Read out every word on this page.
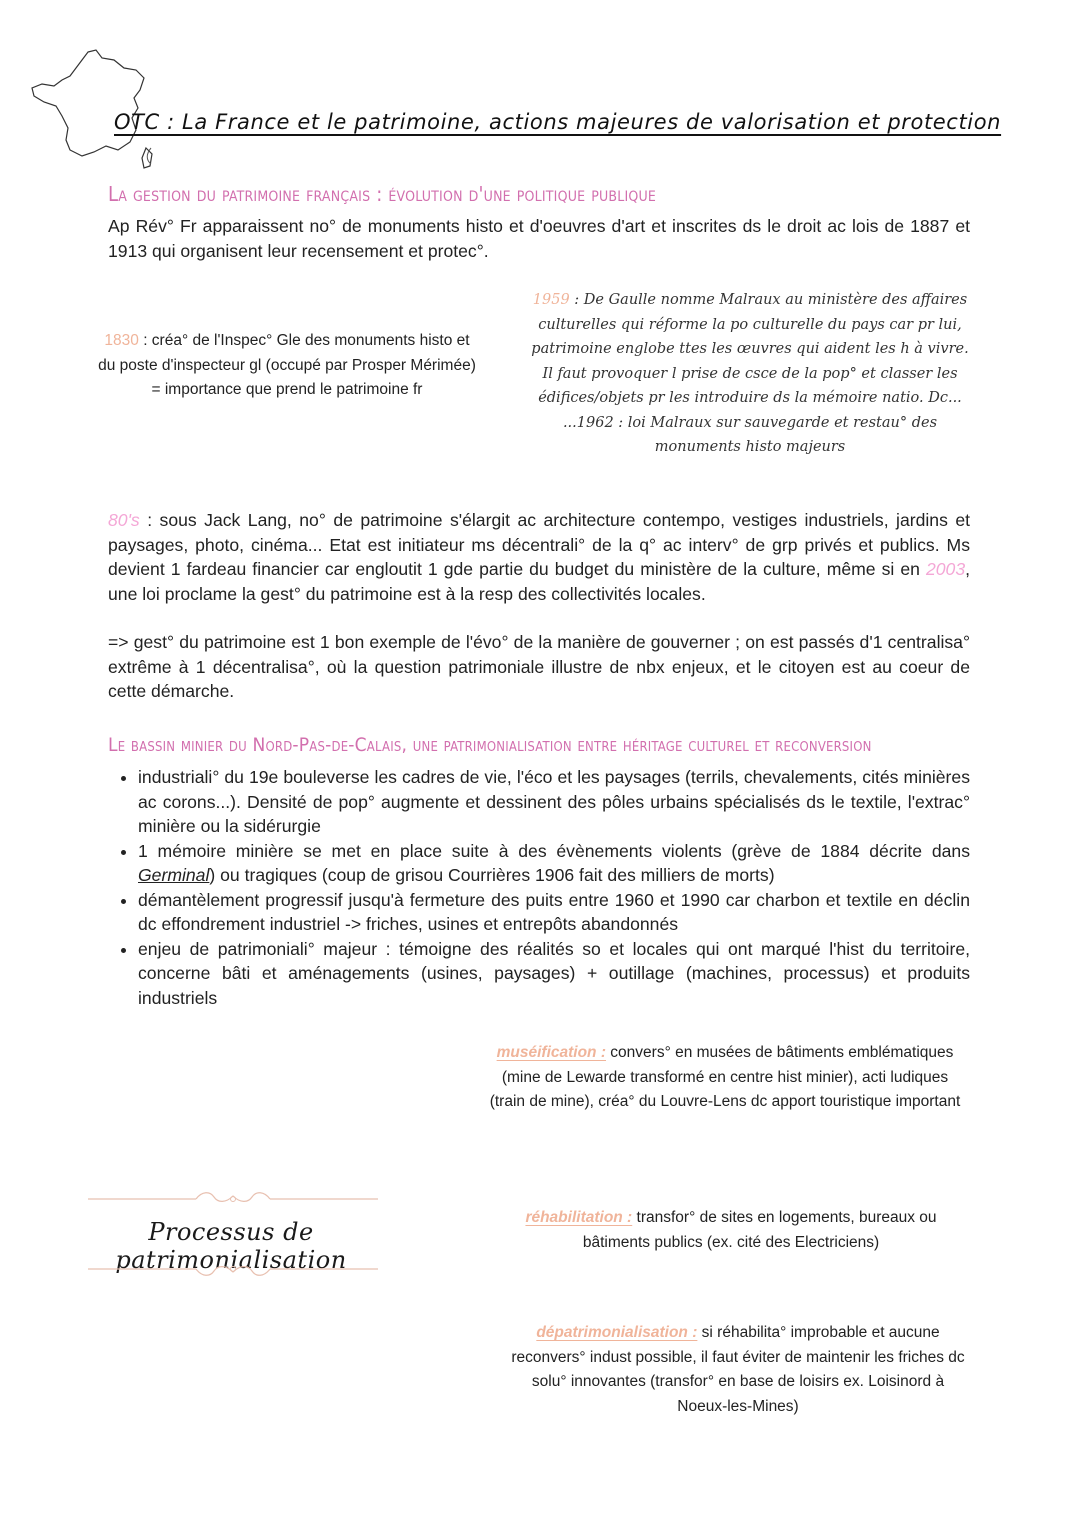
OTC : La France et le patrimoine, actions majeures de valorisation et protection
La gestion du patrimoine français : évolution d'une politique publique
Ap Rév° Fr apparaissent no° de monuments histo et d'oeuvres d'art et inscrites ds le droit ac lois de 1887 et 1913 qui organisent leur recensement et protec°.
1830 : créa° de l'Inspec° Gle des monuments histo et du poste d'inspecteur gl (occupé par Prosper Mérimée) = importance que prend le patrimoine fr
1959 : De Gaulle nomme Malraux au ministère des affaires culturelles qui réforme la po culturelle du pays car pr lui, patrimoine englobe ttes les œuvres qui aident les h à vivre. Il faut provoquer l prise de csce de la pop° et classer les édifices/objets pr les introduire ds la mémoire natio. Dc... ...1962 : loi Malraux sur sauvegarde et restau° des monuments histo majeurs
80's : sous Jack Lang, no° de patrimoine s'élargit ac architecture contempo, vestiges industriels, jardins et paysages, photo, cinéma... Etat est initiateur ms décentrali° de la q° ac interv° de grp privés et publics. Ms devient 1 fardeau financier car engloutit 1 gde partie du budget du ministère de la culture, même si en 2003, une loi proclame la gest° du patrimoine est à la resp des collectivités locales.
=> gest° du patrimoine est 1 bon exemple de l'évo° de la manière de gouverner ; on est passés d'1 centralisa° extrême à 1 décentralisa°, où la question patrimoniale illustre de nbx enjeux, et le citoyen est au coeur de cette démarche.
Le bassin minier du Nord-Pas-de-Calais, une patrimonialisation entre héritage culturel et reconversion
• industriali° du 19e bouleverse les cadres de vie, l'éco et les paysages (terrils, chevalements, cités minières ac corons...). Densité de pop° augmente et dessinent des pôles urbains spécialisés ds le textile, l'extrac° minière ou la sidérurgie
• 1 mémoire minière se met en place suite à des évènements violents (grève de 1884 décrite dans Germinal) ou tragiques (coup de grisou Courrières 1906 fait des milliers de morts)
• démantèlement progressif jusqu'à fermeture des puits entre 1960 et 1990 car charbon et textile en déclin dc effondrement industriel -> friches, usines et entrepôts abandonnés
• enjeu de patrimoniali° majeur : témoigne des réalités so et locales qui ont marqué l'hist du territoire, concerne bâti et aménagements (usines, paysages) + outillage (machines, processus) et produits industriels
muséification : convers° en musées de bâtiments emblématiques (mine de Lewarde transformé en centre hist minier), acti ludiques (train de mine), créa° du Louvre-Lens dc apport touristique important
Processus de patrimonialisation
réhabilitation : transfor° de sites en logements, bureaux ou bâtiments publics (ex. cité des Electriciens)
dépatrimonialisation : si réhabilita° improbable et aucune reconvers° indust possible, il faut éviter de maintenir les friches dc solu° innovantes (transfor° en base de loisirs ex. Loisinord à Noeux-les-Mines)
